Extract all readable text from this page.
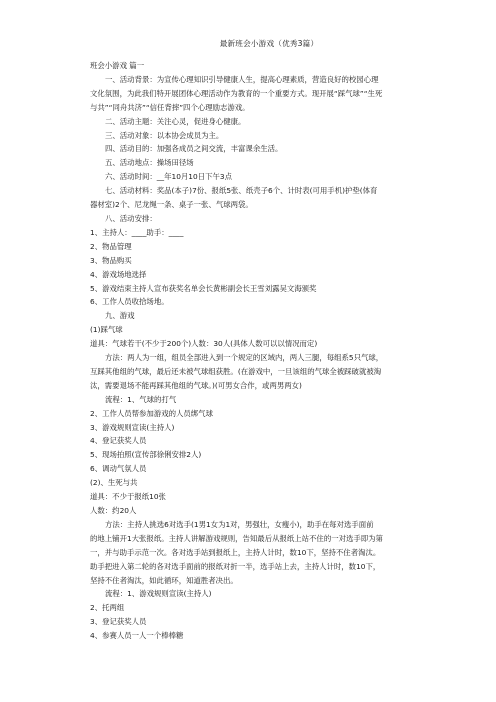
最新班会小游戏（优秀3篇）
班会小游戏 篇一
一、活动背景：为宣传心理知识引导健康人生，提高心理素质，营造良好的校园心理
文化氛围，为此我们特开展团体心理活动作为教育的一个重要方式。现开展“踩气球”“生死
与共”“同舟共济”“信任背摔”四个心理励志游戏。
二、活动主题：关注心灵，促进身心健康。
三、活动对象：以本协会成员为主。
四、活动目的：加强各成员之间交流，丰富课余生活。
五、活动地点：操场田径场
六、活动时间：__年10月10日下午3点
七、活动材料：奖品(本子)7份、报纸5张、纸壳子6个、计时表(可用手机)护垫(体育
器材室)2个、尼龙绳一条、桌子一张、气球两袋。
八、活动安排：
1、主持人：____助手：____
2、物品管理
3、物品购买
4、游戏场地选择
5、游戏结束主持人宣布获奖名单会长黄彬副会长王雪刘露吴文海颁奖
6、工作人员收拾场地。
九、游戏
(1)踩气球
道具：气球若干(不少于200个)人数：30人(具体人数可以以情况而定)
方法：两人为一组，组员全部进入到一个规定的区域内，两人三腿，每组系5只气球，
互踩其他组的气球，最后还未被气球组获胜。(在游戏中，一旦该组的气球全被踩破就被淘
汰，需要退场不能再踩其他组的气球。)(可男女合作，或两男两女)
流程：1、气球的打气
2、工作人员帮参加游戏的人员绑气球
3、游戏规则宣读(主持人)
4、登记获奖人员
5、现场拍照(宣传部徐俐安排2人)
6、调动气氛人员
(2)、生死与共
道具：不少于报纸10张
人数：约20人
方法：主持人挑选6对选手(1男1女为1对，男强壮，女瘦小)，助手在每对选手面前
的地上铺开1大张报纸。主持人讲解游戏规则，告知最后从报纸上站不住的一对选手即为第
一，并与助手示范一次。各对选手站到报纸上，主持人计时，数10下，坚持不住者淘汰。
助手把进入第二轮的各对选手面前的报纸对折一半，选手站上去，主持人计时，数10下，
坚持不住者淘汰，如此循环，知道胜者决出。
流程：1、游戏规则宣读(主持人)
2、托两组
3、登记获奖人员
4、参赛人员一人一个棒棒糖
